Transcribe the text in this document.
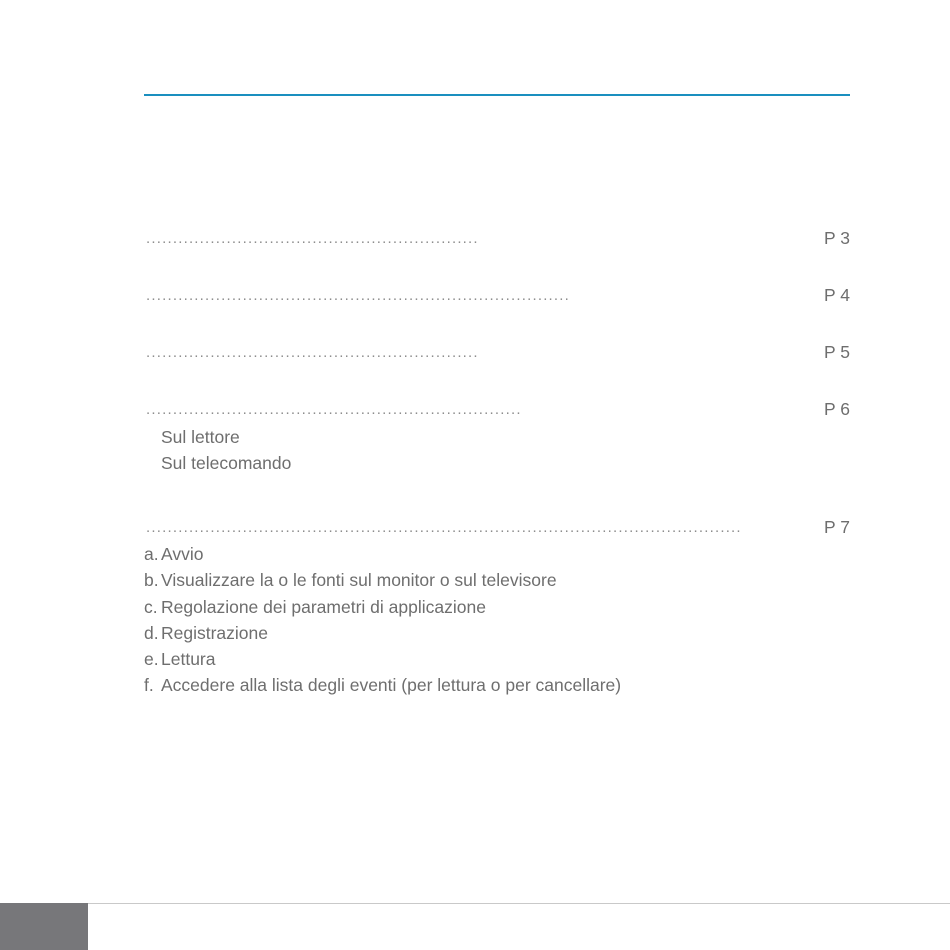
..............................................................	P 3
...............................................................................	P 4
..............................................................	P 5
......................................................................	P 6
Sul lettore
Sul telecomando
...............................................................................................................	P 7
a. Avvio
b. Visualizzare la o le fonti sul monitor o sul televisore
c. Regolazione dei parametri di applicazione
d. Registrazione
e. Lettura
f. Accedere alla lista degli eventi (per lettura o per cancellare)
